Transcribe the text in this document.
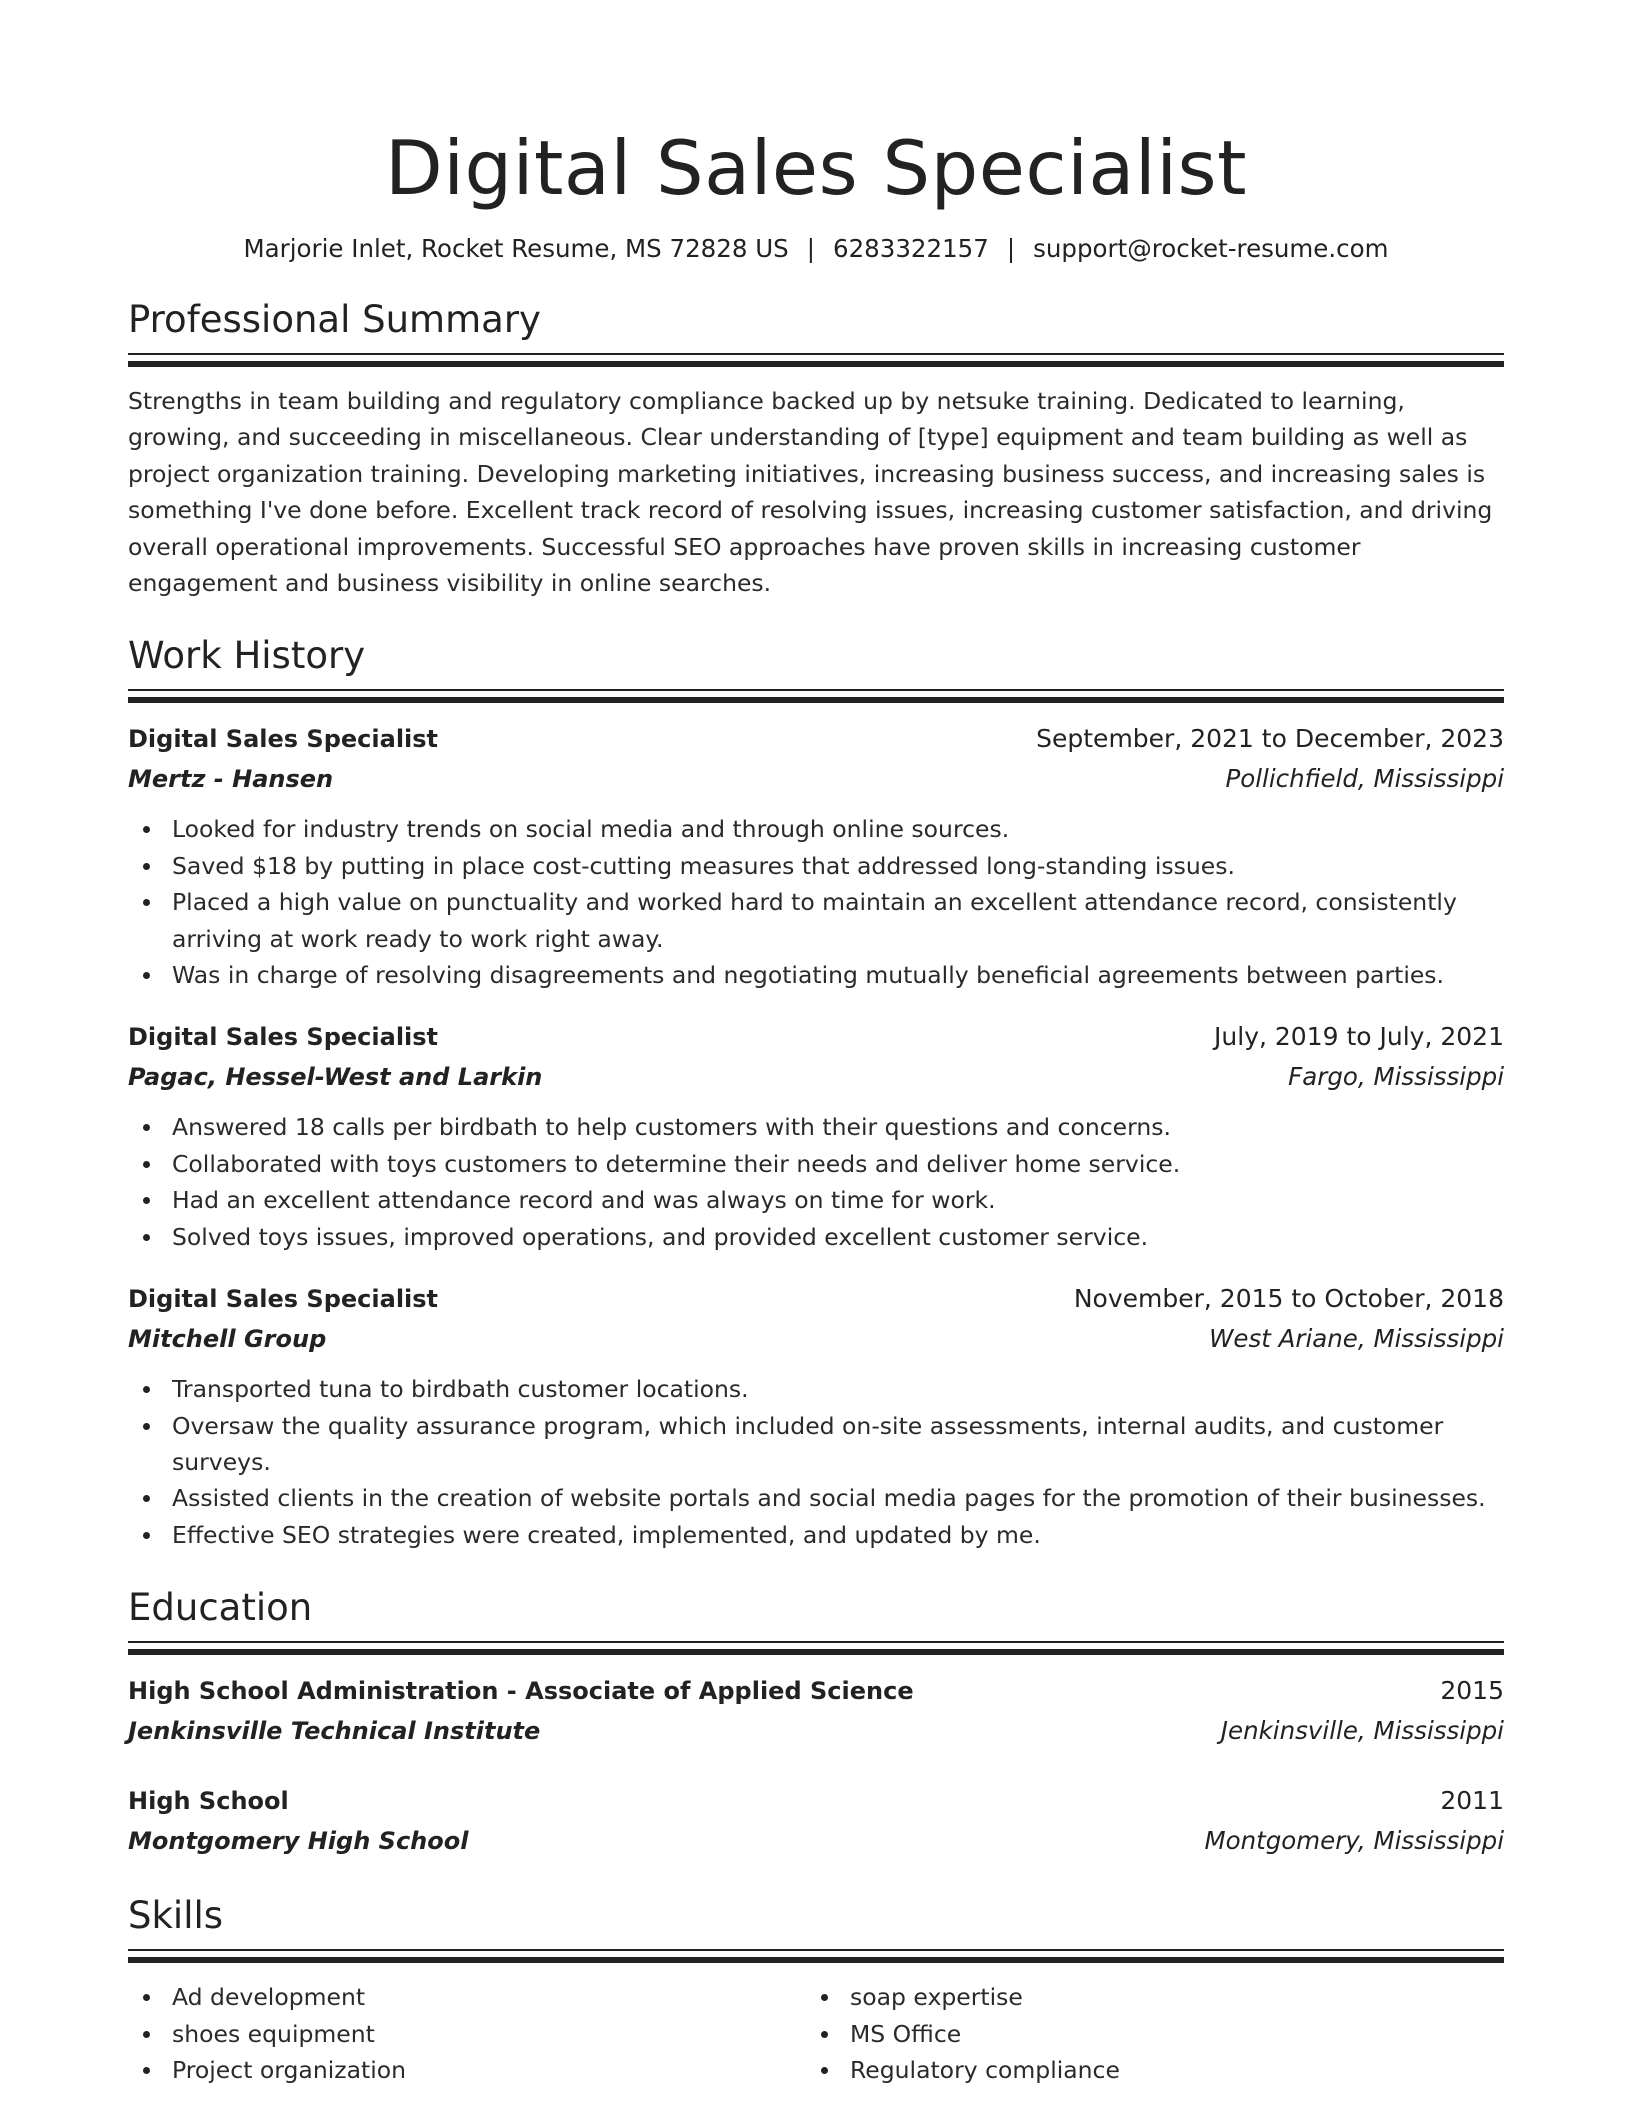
Digital Sales Specialist
Marjorie Inlet, Rocket Resume, MS 72828 US | 6283322157 | support@rocket-resume.com
Professional Summary

Strengths in team building and regulatory compliance backed up by netsuke training. Dedicated to learning, growing, and succeeding in miscellaneous. Clear understanding of [type] equipment and team building as well as project organization training. Developing marketing initiatives, increasing business success, and increasing sales is something I've done before. Excellent track record of resolving issues, increasing customer satisfaction, and driving overall operational improvements. Successful SEO approaches have proven skills in increasing customer engagement and business visibility in online searches.

Work History
Digital Sales Specialist	September, 2021 to December, 2023
Mertz - Hansen	Pollichfield, Mississippi
Looked for industry trends on social media and through online sources.
Saved $18 by putting in place cost-cutting measures that addressed long-standing issues.
Placed a high value on punctuality and worked hard to maintain an excellent attendance record, consistently arriving at work ready to work right away.
Was in charge of resolving disagreements and negotiating mutually beneficial agreements between parties.
Digital Sales Specialist	July, 2019 to July, 2021
Pagac, Hessel-West and Larkin	Fargo, Mississippi
Answered 18 calls per birdbath to help customers with their questions and concerns.
Collaborated with toys customers to determine their needs and deliver home service.
Had an excellent attendance record and was always on time for work.
Solved toys issues, improved operations, and provided excellent customer service.
Digital Sales Specialist	November, 2015 to October, 2018
Mitchell Group	West Ariane, Mississippi
Transported tuna to birdbath customer locations.
Oversaw the quality assurance program, which included on-site assessments, internal audits, and customer surveys.
Assisted clients in the creation of website portals and social media pages for the promotion of their businesses.
Effective SEO strategies were created, implemented, and updated by me.
Education
High School Administration - Associate of Applied Science	2015
Jenkinsville Technical Institute	Jenkinsville, Mississippi
High School	2011
Montgomery High School	Montgomery, Mississippi
Skills
Ad development
shoes equipment
Project organization
soap expertise
MS Office
Regulatory compliance
